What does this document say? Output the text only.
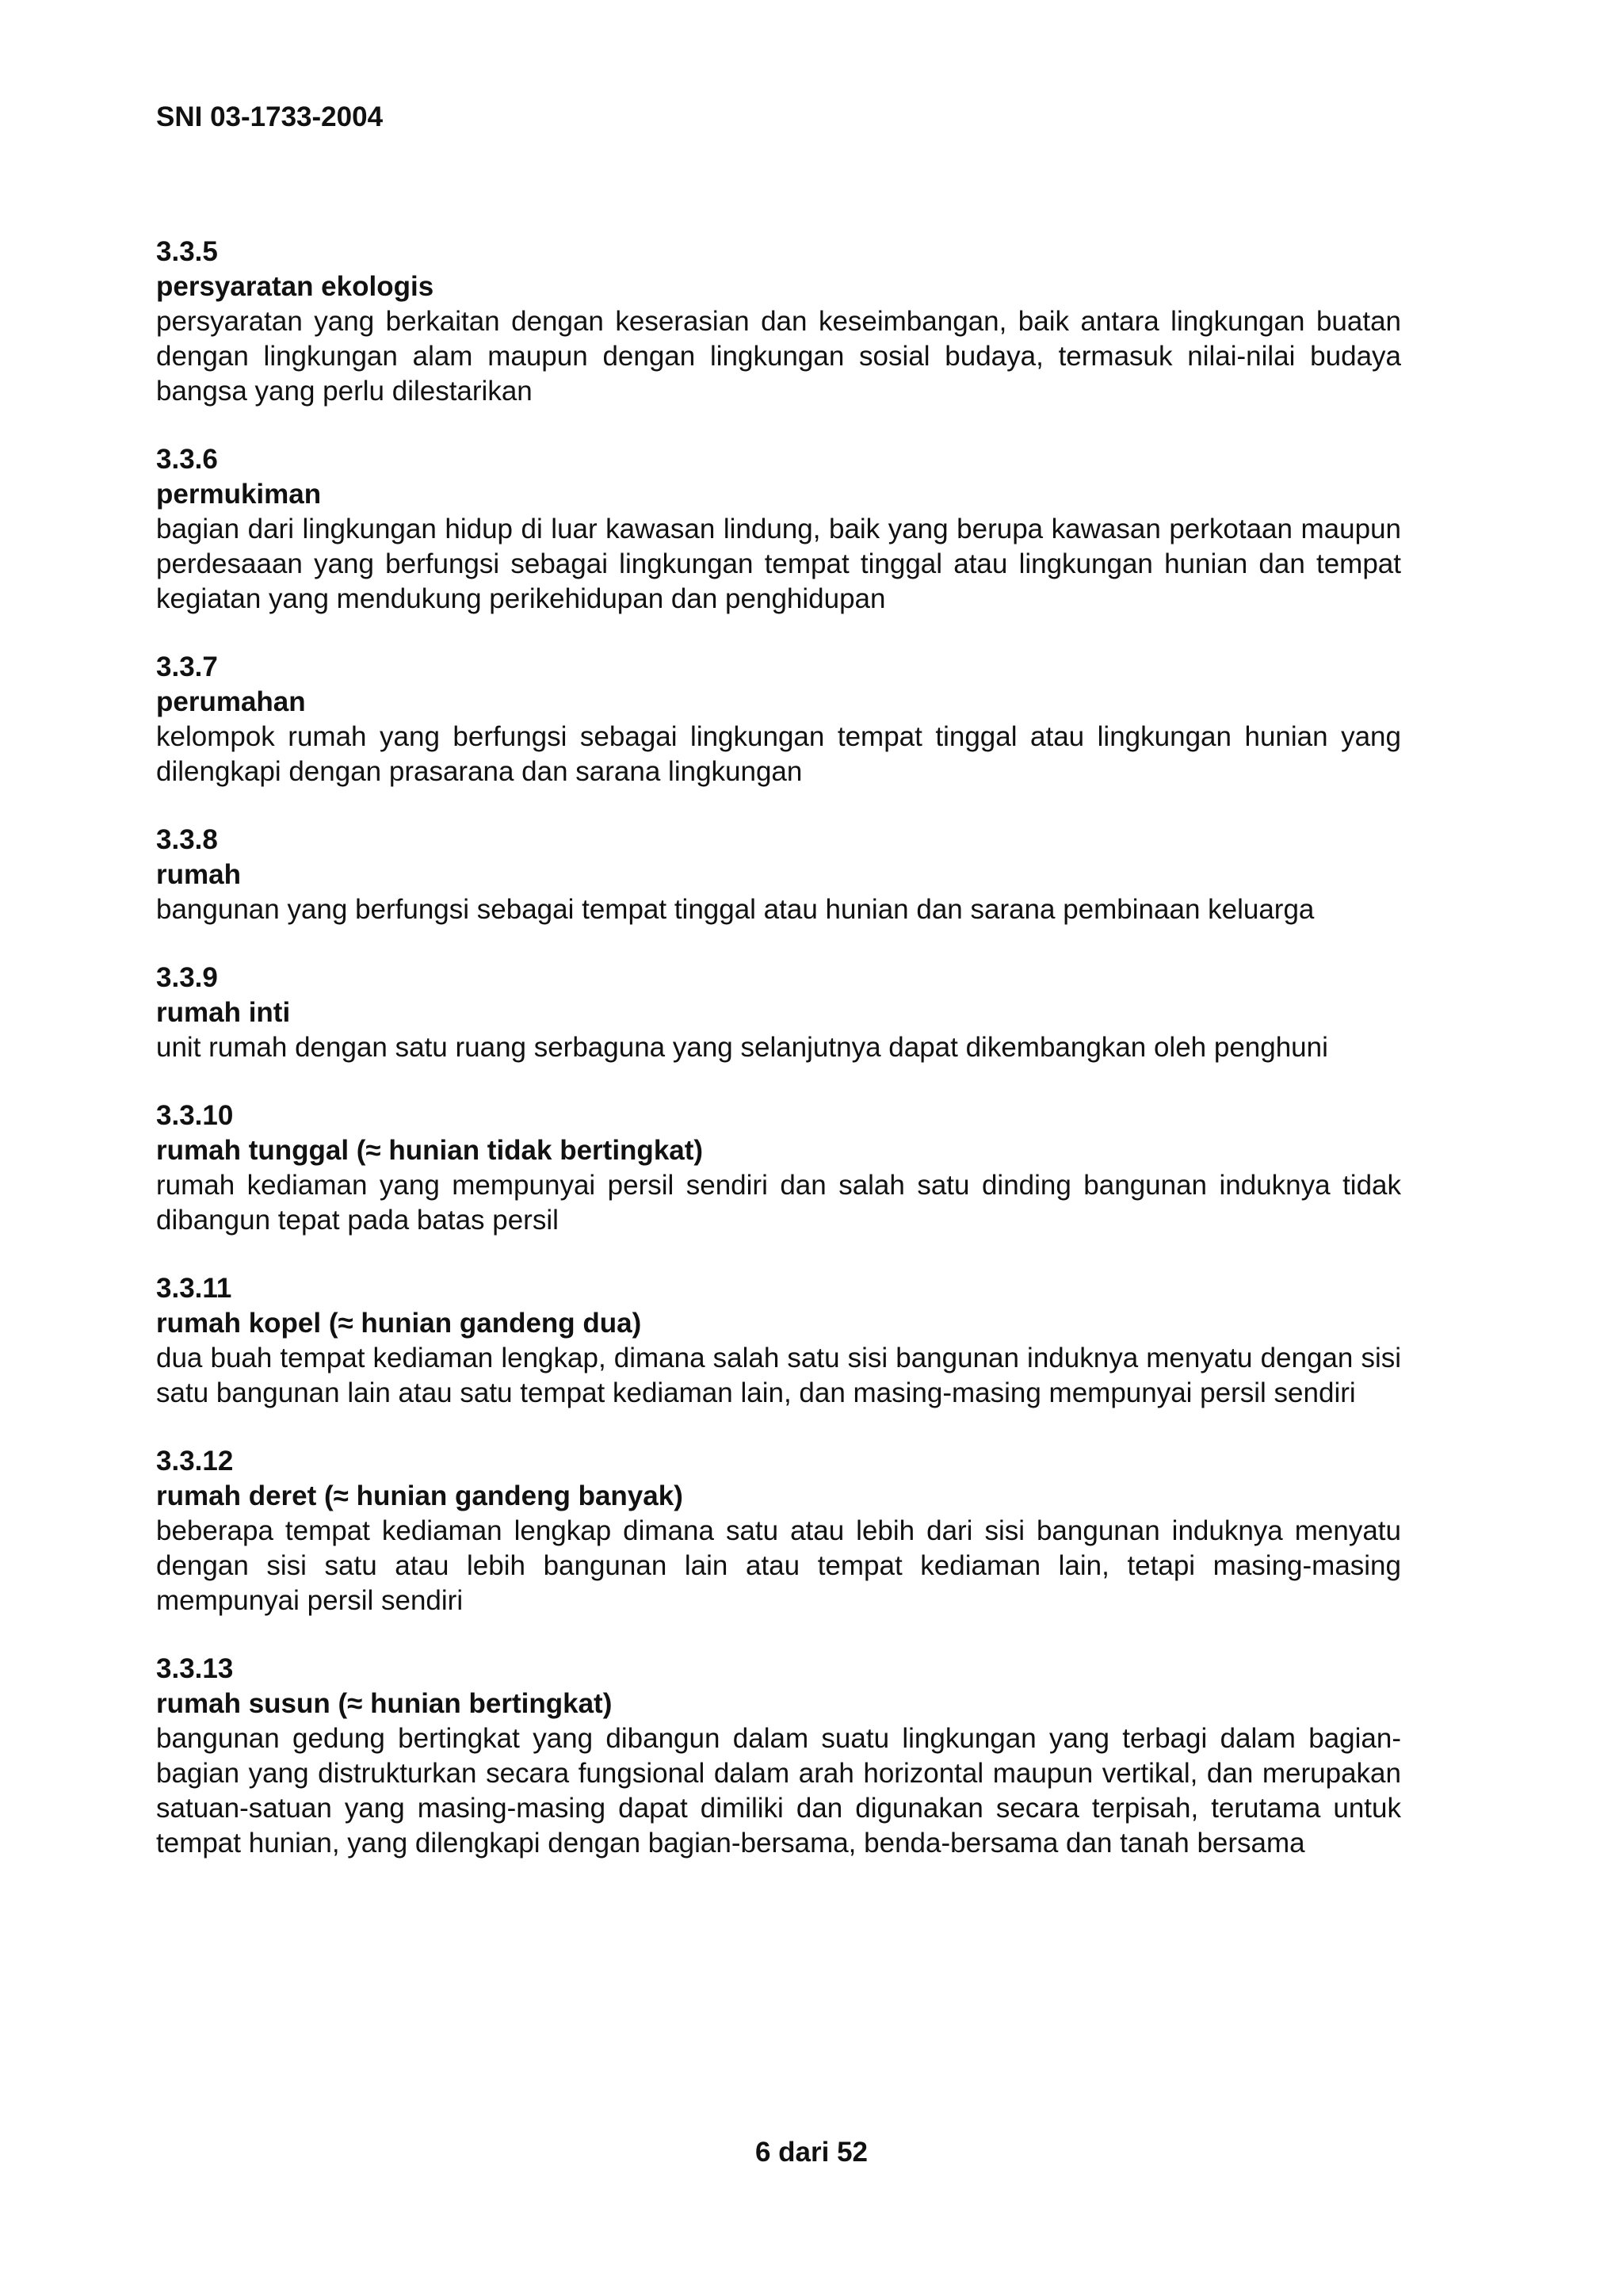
SNI 03-1733-2004
3.3.5
persyaratan ekologis
persyaratan yang berkaitan dengan keserasian dan keseimbangan, baik antara lingkungan buatan dengan lingkungan alam maupun dengan lingkungan sosial budaya, termasuk nilai-nilai budaya bangsa yang perlu dilestarikan
3.3.6
permukiman
bagian dari lingkungan hidup di luar kawasan lindung, baik yang berupa kawasan perkotaan maupun perdesaaan yang berfungsi sebagai lingkungan tempat tinggal atau lingkungan hunian dan tempat kegiatan yang mendukung perikehidupan dan penghidupan
3.3.7
perumahan
kelompok rumah yang berfungsi sebagai lingkungan tempat tinggal atau lingkungan hunian yang dilengkapi dengan prasarana dan sarana lingkungan
3.3.8
rumah
bangunan yang berfungsi sebagai tempat tinggal atau hunian dan sarana pembinaan keluarga
3.3.9
rumah inti
unit rumah dengan satu ruang serbaguna yang selanjutnya dapat dikembangkan oleh penghuni
3.3.10
rumah tunggal (≈ hunian tidak bertingkat)
rumah kediaman yang mempunyai persil sendiri dan salah satu dinding bangunan induknya tidak dibangun tepat pada batas persil
3.3.11
rumah kopel (≈ hunian gandeng dua)
dua buah tempat kediaman lengkap, dimana salah satu sisi bangunan induknya menyatu dengan sisi satu bangunan lain atau satu tempat kediaman lain, dan masing-masing mempunyai persil sendiri
3.3.12
rumah deret (≈ hunian gandeng banyak)
beberapa tempat kediaman lengkap dimana satu atau lebih dari sisi bangunan induknya menyatu dengan sisi satu atau lebih bangunan lain atau tempat kediaman lain, tetapi masing-masing mempunyai persil sendiri
3.3.13
rumah susun (≈ hunian bertingkat)
bangunan gedung bertingkat yang dibangun dalam suatu lingkungan yang terbagi dalam bagian-bagian yang distrukturkan secara fungsional dalam arah horizontal maupun vertikal, dan merupakan satuan-satuan yang masing-masing dapat dimiliki dan digunakan secara terpisah, terutama untuk tempat hunian, yang dilengkapi dengan bagian-bersama, benda-bersama dan tanah bersama
6 dari 52
